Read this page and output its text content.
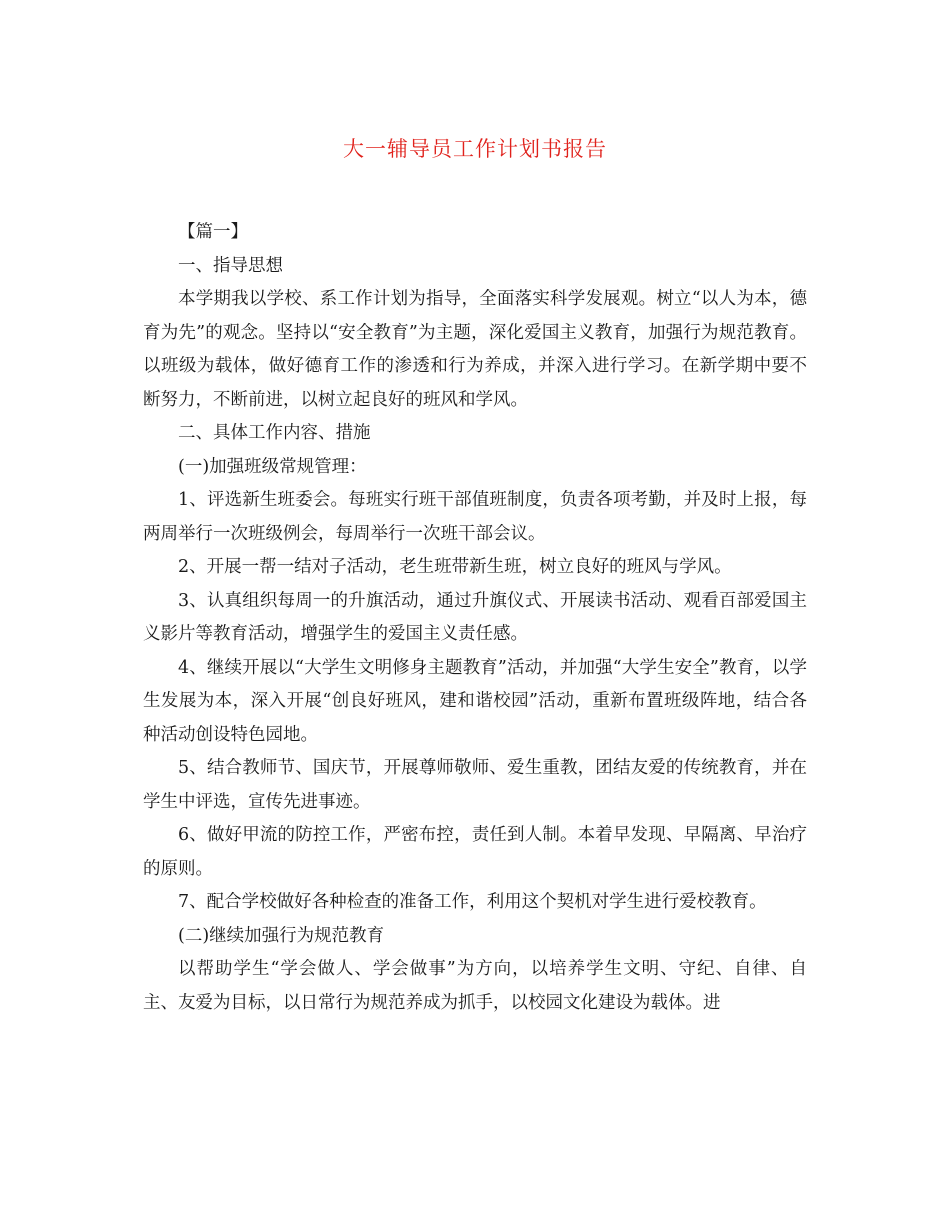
大一辅导员工作计划书报告

【篇一】

一、指导思想

本学期我以学校、系工作计划为指导，全面落实科学发展观。树立“以人为本，德育为先”的观念。坚持以“安全教育”为主题，深化爱国主义教育，加强行为规范教育。以班级为载体，做好德育工作的渗透和行为养成，并深入进行学习。在新学期中要不断努力，不断前进，以树立起良好的班风和学风。

二、具体工作内容、措施

(一)加强班级常规管理：

1、评选新生班委会。每班实行班干部值班制度，负责各项考勤，并及时上报，每两周举行一次班级例会，每周举行一次班干部会议。

2、开展一帮一结对子活动，老生班带新生班，树立良好的班风与学风。

3、认真组织每周一的升旗活动，通过升旗仪式、开展读书活动、观看百部爱国主义影片等教育活动，增强学生的爱国主义责任感。

4、继续开展以“大学生文明修身主题教育”活动，并加强“大学生安全”教育，以学生发展为本，深入开展“创良好班风，建和谐校园”活动，重新布置班级阵地，结合各种活动创设特色园地。

5、结合教师节、国庆节，开展尊师敬师、爱生重教，团结友爱的传统教育，并在学生中评选，宣传先进事迹。

6、做好甲流的防控工作，严密布控，责任到人制。本着早发现、早隔离、早治疗的原则。

7、配合学校做好各种检查的准备工作，利用这个契机对学生进行爱校教育。

(二)继续加强行为规范教育

以帮助学生“学会做人、学会做事”为方向，以培养学生文明、守纪、自律、自主、友爱为目标，以日常行为规范养成为抓手，以校园文化建设为载体。进
